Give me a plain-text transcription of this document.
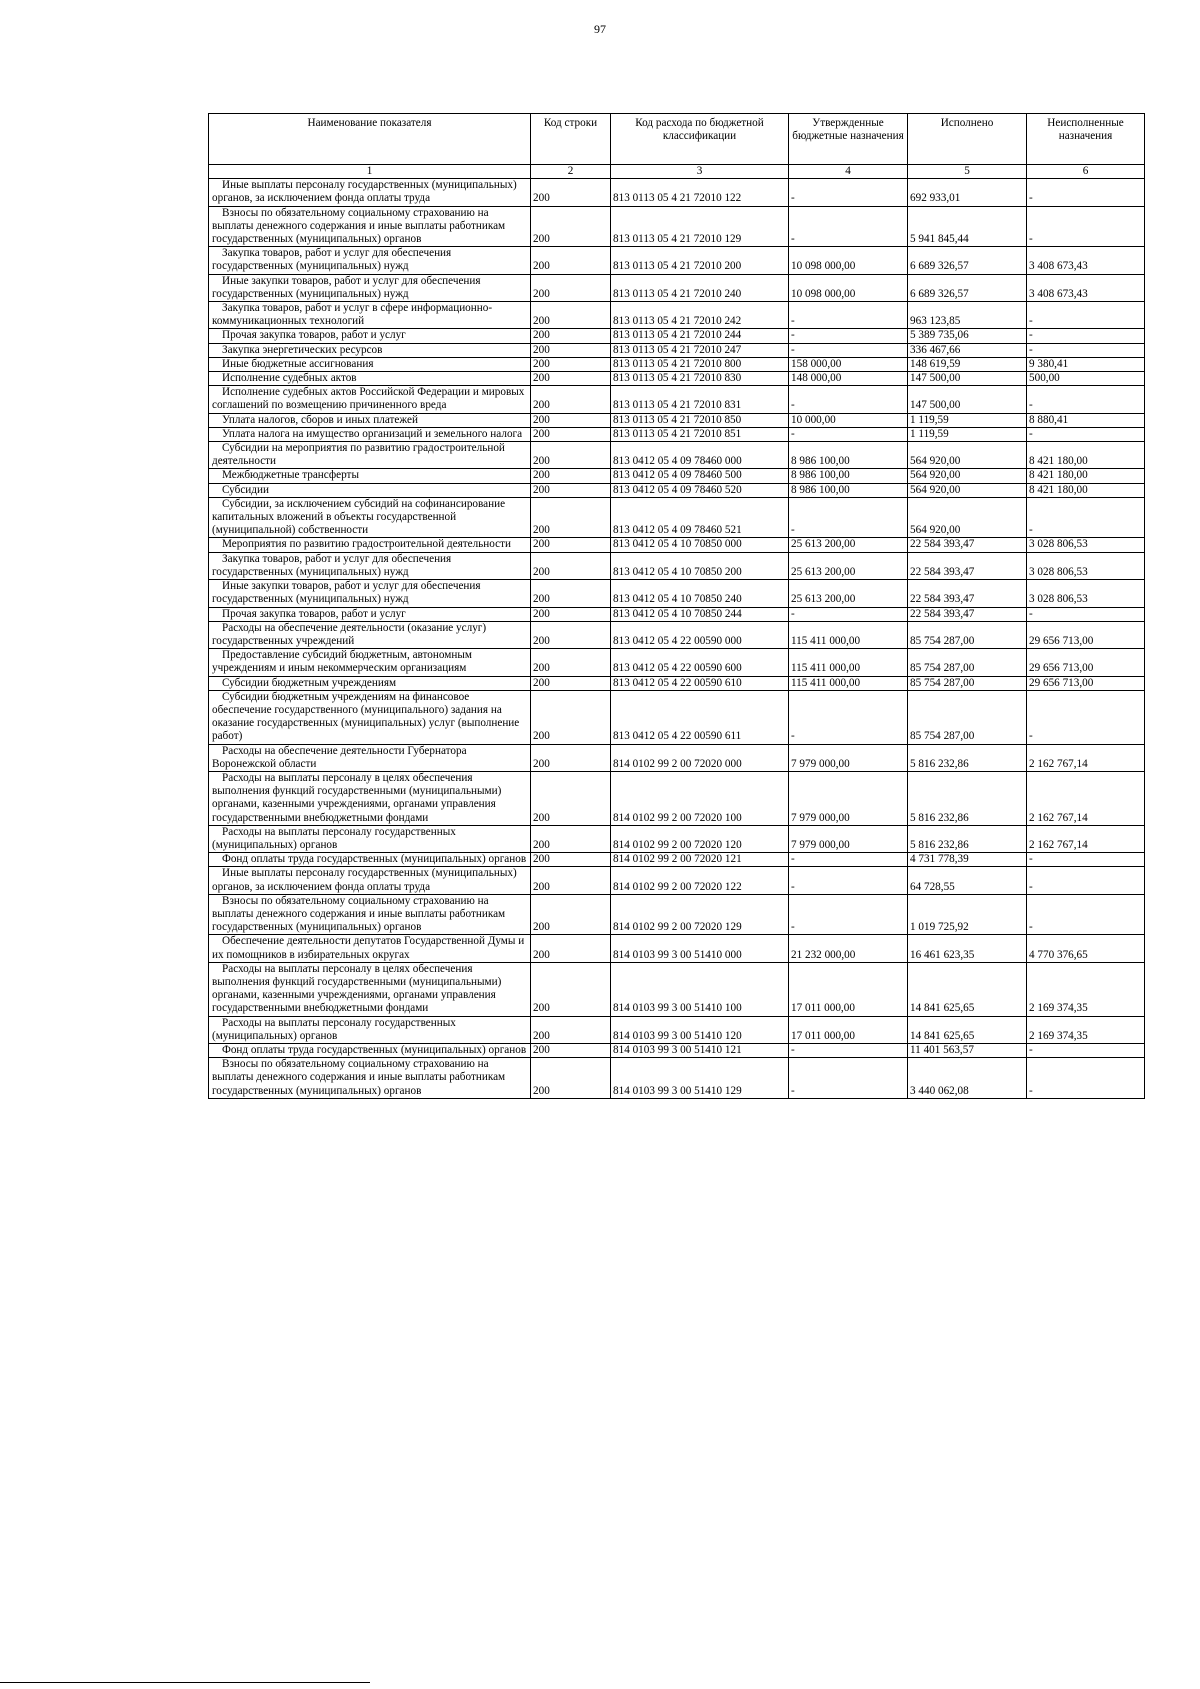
97
Наименование показателя	Код строки	Код расхода по бюджетной классификации	Утвержденные бюджетные назначения	Исполнено	Неисполненные назначения
1	2	3	4	5	6

Иные выплаты персоналу государственных (муниципальных) органов, за исключением фонда оплаты труда	200	813 0113 05 4 21 72010 122	-	692 933,01	-

Взносы по обязательному социальному страхованию на выплаты денежного содержания и иные выплаты работникам государственных (муниципальных) органов	200	813 0113 05 4 21 72010 129	-	5 941 845,44	-

Закупка товаров, работ и услуг для обеспечения государственных (муниципальных) нужд	200	813 0113 05 4 21 72010 200	10 098 000,00	6 689 326,57	3 408 673,43

Иные закупки товаров, работ и услуг для обеспечения государственных (муниципальных) нужд	200	813 0113 05 4 21 72010 240	10 098 000,00	6 689 326,57	3 408 673,43

Закупка товаров, работ и услуг в сфере информационно-коммуникационных технологий	200	813 0113 05 4 21 72010 242	-	963 123,85	-

Прочая закупка товаров, работ и услуг	200	813 0113 05 4 21 72010 244	-	5 389 735,06	-

Закупка энергетических ресурсов	200	813 0113 05 4 21 72010 247	-	336 467,66	-

Иные бюджетные ассигнования	200	813 0113 05 4 21 72010 800	158 000,00	148 619,59	9 380,41

Исполнение судебных актов	200	813 0113 05 4 21 72010 830	148 000,00	147 500,00	500,00

Исполнение судебных актов Российской Федерации и мировых соглашений по возмещению причиненного вреда	200	813 0113 05 4 21 72010 831	-	147 500,00	-

Уплата налогов, сборов и иных платежей	200	813 0113 05 4 21 72010 850	10 000,00	1 119,59	8 880,41

Уплата налога на имущество организаций и земельного налога	200	813 0113 05 4 21 72010 851	-	1 119,59	-

Субсидии на мероприятия по развитию градостроительной деятельности	200	813 0412 05 4 09 78460 000	8 986 100,00	564 920,00	8 421 180,00

Межбюджетные трансферты	200	813 0412 05 4 09 78460 500	8 986 100,00	564 920,00	8 421 180,00

Субсидии	200	813 0412 05 4 09 78460 520	8 986 100,00	564 920,00	8 421 180,00

Субсидии, за исключением субсидий на софинансирование капитальных вложений в объекты государственной (муниципальной) собственности	200	813 0412 05 4 09 78460 521	-	564 920,00	-

Мероприятия по развитию градостроительной деятельности	200	813 0412 05 4 10 70850 000	25 613 200,00	22 584 393,47	3 028 806,53

Закупка товаров, работ и услуг для обеспечения государственных (муниципальных) нужд	200	813 0412 05 4 10 70850 200	25 613 200,00	22 584 393,47	3 028 806,53

Иные закупки товаров, работ и услуг для обеспечения государственных (муниципальных) нужд	200	813 0412 05 4 10 70850 240	25 613 200,00	22 584 393,47	3 028 806,53

Прочая закупка товаров, работ и услуг	200	813 0412 05 4 10 70850 244	-	22 584 393,47	-

Расходы на обеспечение деятельности (оказание услуг) государственных учреждений	200	813 0412 05 4 22 00590 000	115 411 000,00	85 754 287,00	29 656 713,00

Предоставление субсидий бюджетным, автономным учреждениям и иным некоммерческим организациям	200	813 0412 05 4 22 00590 600	115 411 000,00	85 754 287,00	29 656 713,00

Субсидии бюджетным учреждениям	200	813 0412 05 4 22 00590 610	115 411 000,00	85 754 287,00	29 656 713,00

Субсидии бюджетным учреждениям на финансовое обеспечение государственного (муниципального) задания на оказание государственных (муниципальных) услуг (выполнение работ)	200	813 0412 05 4 22 00590 611	-	85 754 287,00	-

Расходы на обеспечение деятельности Губернатора Воронежской области	200	814 0102 99 2 00 72020 000	7 979 000,00	5 816 232,86	2 162 767,14

Расходы на выплаты персоналу в целях обеспечения выполнения функций государственными (муниципальными) органами, казенными учреждениями, органами управления государственными внебюджетными фондами	200	814 0102 99 2 00 72020 100	7 979 000,00	5 816 232,86	2 162 767,14

Расходы на выплаты персоналу государственных (муниципальных) органов	200	814 0102 99 2 00 72020 120	7 979 000,00	5 816 232,86	2 162 767,14

Фонд оплаты труда государственных (муниципальных) органов	200	814 0102 99 2 00 72020 121	-	4 731 778,39	-

Иные выплаты персоналу государственных (муниципальных) органов, за исключением фонда оплаты труда	200	814 0102 99 2 00 72020 122	-	64 728,55	-

Взносы по обязательному социальному страхованию на выплаты денежного содержания и иные выплаты работникам государственных (муниципальных) органов	200	814 0102 99 2 00 72020 129	-	1 019 725,92	-

Обеспечение деятельности депутатов Государственной Думы и их помощников в избирательных округах	200	814 0103 99 3 00 51410 000	21 232 000,00	16 461 623,35	4 770 376,65

Расходы на выплаты персоналу в целях обеспечения выполнения функций государственными (муниципальными) органами, казенными учреждениями, органами управления государственными внебюджетными фондами	200	814 0103 99 3 00 51410 100	17 011 000,00	14 841 625,65	2 169 374,35

Расходы на выплаты персоналу государственных (муниципальных) органов	200	814 0103 99 3 00 51410 120	17 011 000,00	14 841 625,65	2 169 374,35

Фонд оплаты труда государственных (муниципальных) органов	200	814 0103 99 3 00 51410 121	-	11 401 563,57	-

Взносы по обязательному социальному страхованию на выплаты денежного содержания и иные выплаты работникам государственных (муниципальных) органов	200	814 0103 99 3 00 51410 129	-	3 440 062,08	-
